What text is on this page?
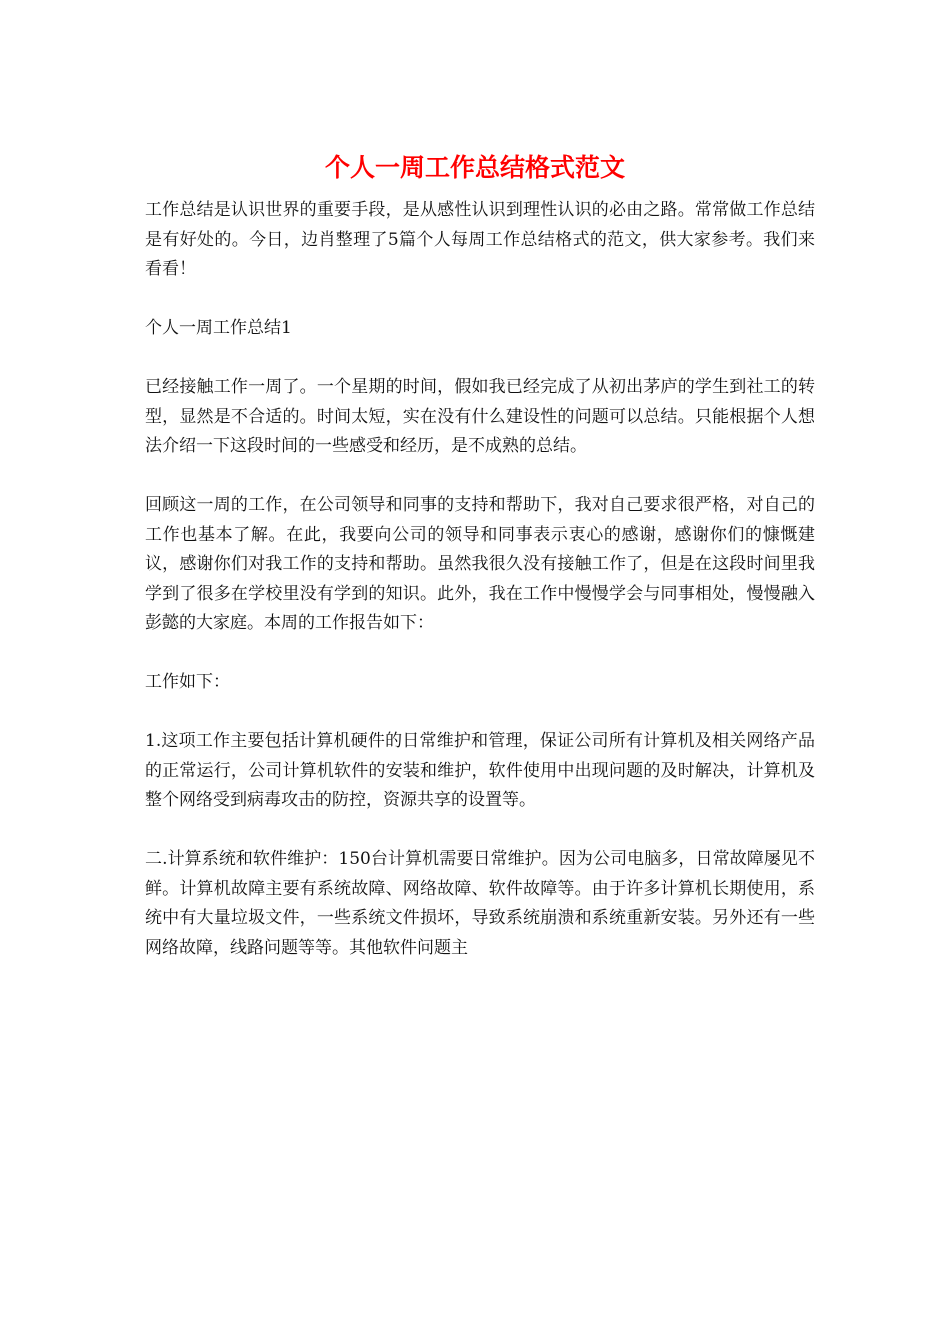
个人一周工作总结格式范文

工作总结是认识世界的重要手段，是从感性认识到理性认识的必由之路。常常做工作总结是有好处的。今日，边肖整理了5篇个人每周工作总结格式的范文，供大家参考。我们来看看！

个人一周工作总结1

已经接触工作一周了。一个星期的时间，假如我已经完成了从初出茅庐的学生到社工的转型，显然是不合适的。时间太短，实在没有什么建设性的问题可以总结。只能根据个人想法介绍一下这段时间的一些感受和经历，是不成熟的总结。

回顾这一周的工作，在公司领导和同事的支持和帮助下，我对自己要求很严格，对自己的工作也基本了解。在此，我要向公司的领导和同事表示衷心的感谢，感谢你们的慷慨建议，感谢你们对我工作的支持和帮助。虽然我很久没有接触工作了，但是在这段时间里我学到了很多在学校里没有学到的知识。此外，我在工作中慢慢学会与同事相处，慢慢融入彭懿的大家庭。本周的工作报告如下：

工作如下：

1.这项工作主要包括计算机硬件的日常维护和管理，保证公司所有计算机及相关网络产品的正常运行，公司计算机软件的安装和维护，软件使用中出现问题的及时解决，计算机及整个网络受到病毒攻击的防控，资源共享的设置等。

二.计算系统和软件维护：150台计算机需要日常维护。因为公司电脑多，日常故障屡见不鲜。计算机故障主要有系统故障、网络故障、软件故障等。由于许多计算机长期使用，系统中有大量垃圾文件，一些系统文件损坏，导致系统崩溃和系统重新安装。另外还有一些网络故障，线路问题等等。其他软件问题主
